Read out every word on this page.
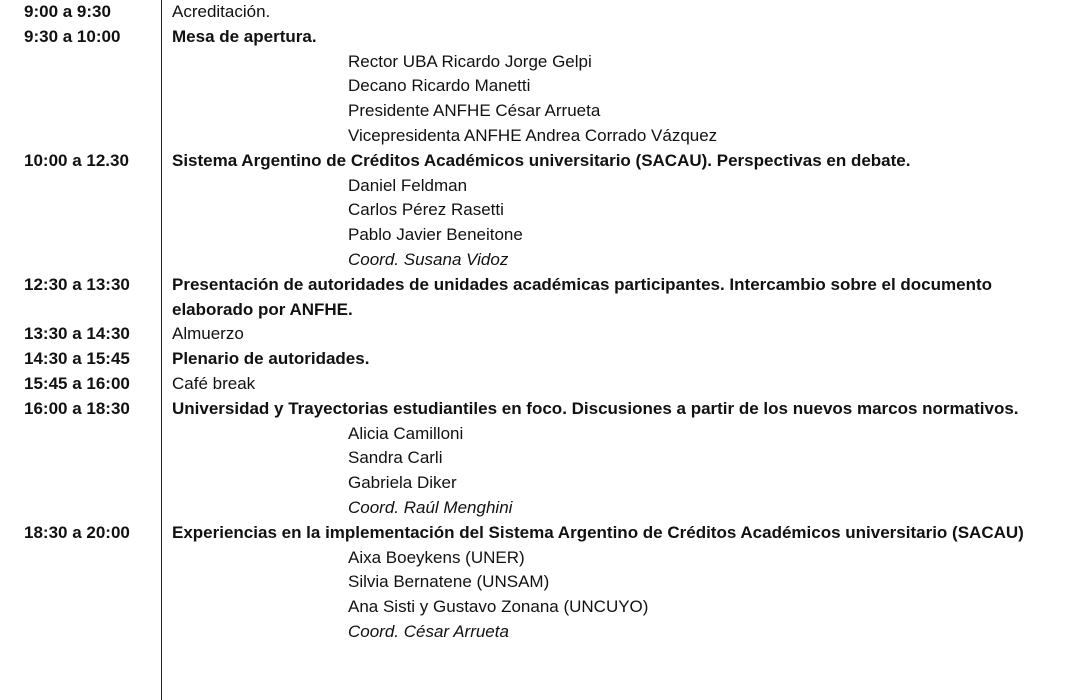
9:00 a 9:30	Acreditación.
9:30 a 10:00	Mesa de apertura.
Rector UBA Ricardo Jorge Gelpi
Decano Ricardo Manetti
Presidente ANFHE César Arrueta
Vicepresidenta ANFHE Andrea Corrado Vázquez
10:00 a 12.30	Sistema Argentino de Créditos Académicos universitario (SACAU). Perspectivas en debate.
Daniel Feldman
Carlos Pérez Rasetti
Pablo Javier Beneitone
Coord. Susana Vidoz
12:30 a 13:30	Presentación de autoridades de unidades académicas participantes. Intercambio sobre el documento elaborado por ANFHE.
13:30 a 14:30	Almuerzo
14:30 a 15:45	Plenario de autoridades.
15:45 a 16:00	Café break
16:00 a 18:30	Universidad y Trayectorias estudiantiles en foco. Discusiones a partir de los nuevos marcos normativos.
Alicia Camilloni
Sandra Carli
Gabriela Diker
Coord. Raúl Menghini
18:30 a 20:00	Experiencias en la implementación del Sistema Argentino de Créditos Académicos universitario (SACAU)
Aixa Boeykens (UNER)
Silvia Bernatene (UNSAM)
Ana Sisti y Gustavo Zonana (UNCUYO)
Coord. César Arrueta
